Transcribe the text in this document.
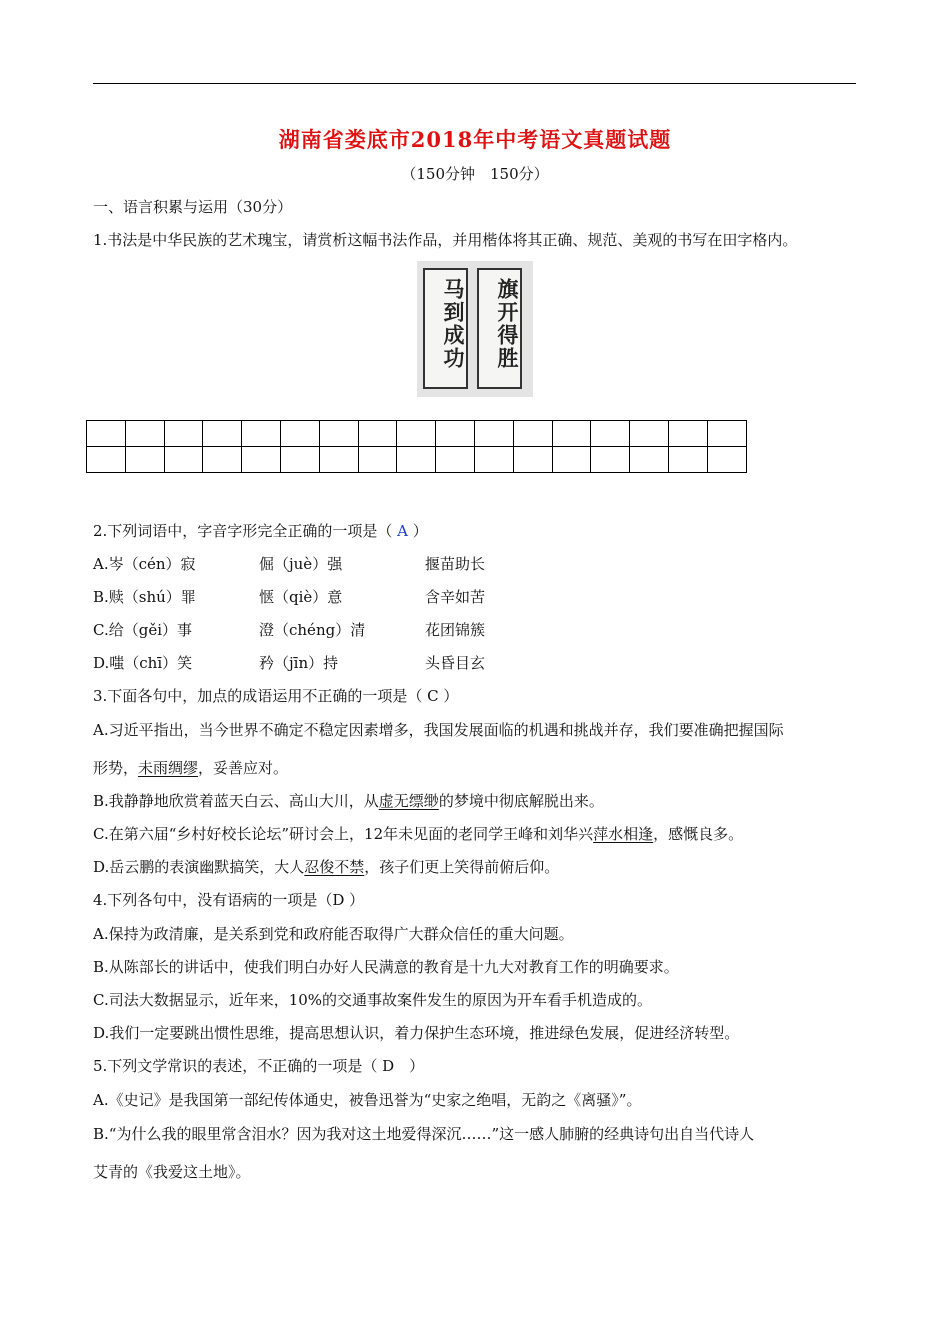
湖南省娄底市2018年中考语文真题试题
（150分钟　150分）
一、语言积累与运用（30分）
1.书法是中华民族的艺术瑰宝，请赏析这幅书法作品，并用楷体将其正确、规范、美观的书写在田字格内。
马到成功	旗开得胜

2.下列词语中，字音字形完全正确的一项是（ A ）
A.岑（cén）寂	倔（juè）强	揠苗助长
B.赎（shú）罪	惬（qiè）意	含辛如苦
C.给（gěi）事	澄（chéng）清	花团锦簇
D.嗤（chī）笑	矜（jīn）持	头昏目玄
3.下面各句中，加点的成语运用不正确的一项是（ C ）
A.习近平指出，当今世界不确定不稳定因素增多，我国发展面临的机遇和挑战并存，我们要准确把握国际
形势，未雨绸缪，妥善应对。
B.我静静地欣赏着蓝天白云、高山大川，从虚无缥缈的梦境中彻底解脱出来。
C.在第六届“乡村好校长论坛”研讨会上，12年未见面的老同学王峰和刘华兴萍水相逢，感慨良多。
D.岳云鹏的表演幽默搞笑，大人忍俊不禁，孩子们更上笑得前俯后仰。
4.下列各句中，没有语病的一项是（D ）
A.保持为政清廉，是关系到党和政府能否取得广大群众信任的重大问题。
B.从陈部长的讲话中，使我们明白办好人民满意的教育是十九大对教育工作的明确要求。
C.司法大数据显示，近年来，10%的交通事故案件发生的原因为开车看手机造成的。
D.我们一定要跳出惯性思维，提高思想认识，着力保护生态环境，推进绿色发展，促进经济转型。
5.下列文学常识的表述，不正确的一项是（ D　）
A.《史记》是我国第一部纪传体通史，被鲁迅誉为“史家之绝唱，无韵之《离骚》”。
B.“为什么我的眼里常含泪水？因为我对这土地爱得深沉……”这一感人肺腑的经典诗句出自当代诗人
艾青的《我爱这土地》。
